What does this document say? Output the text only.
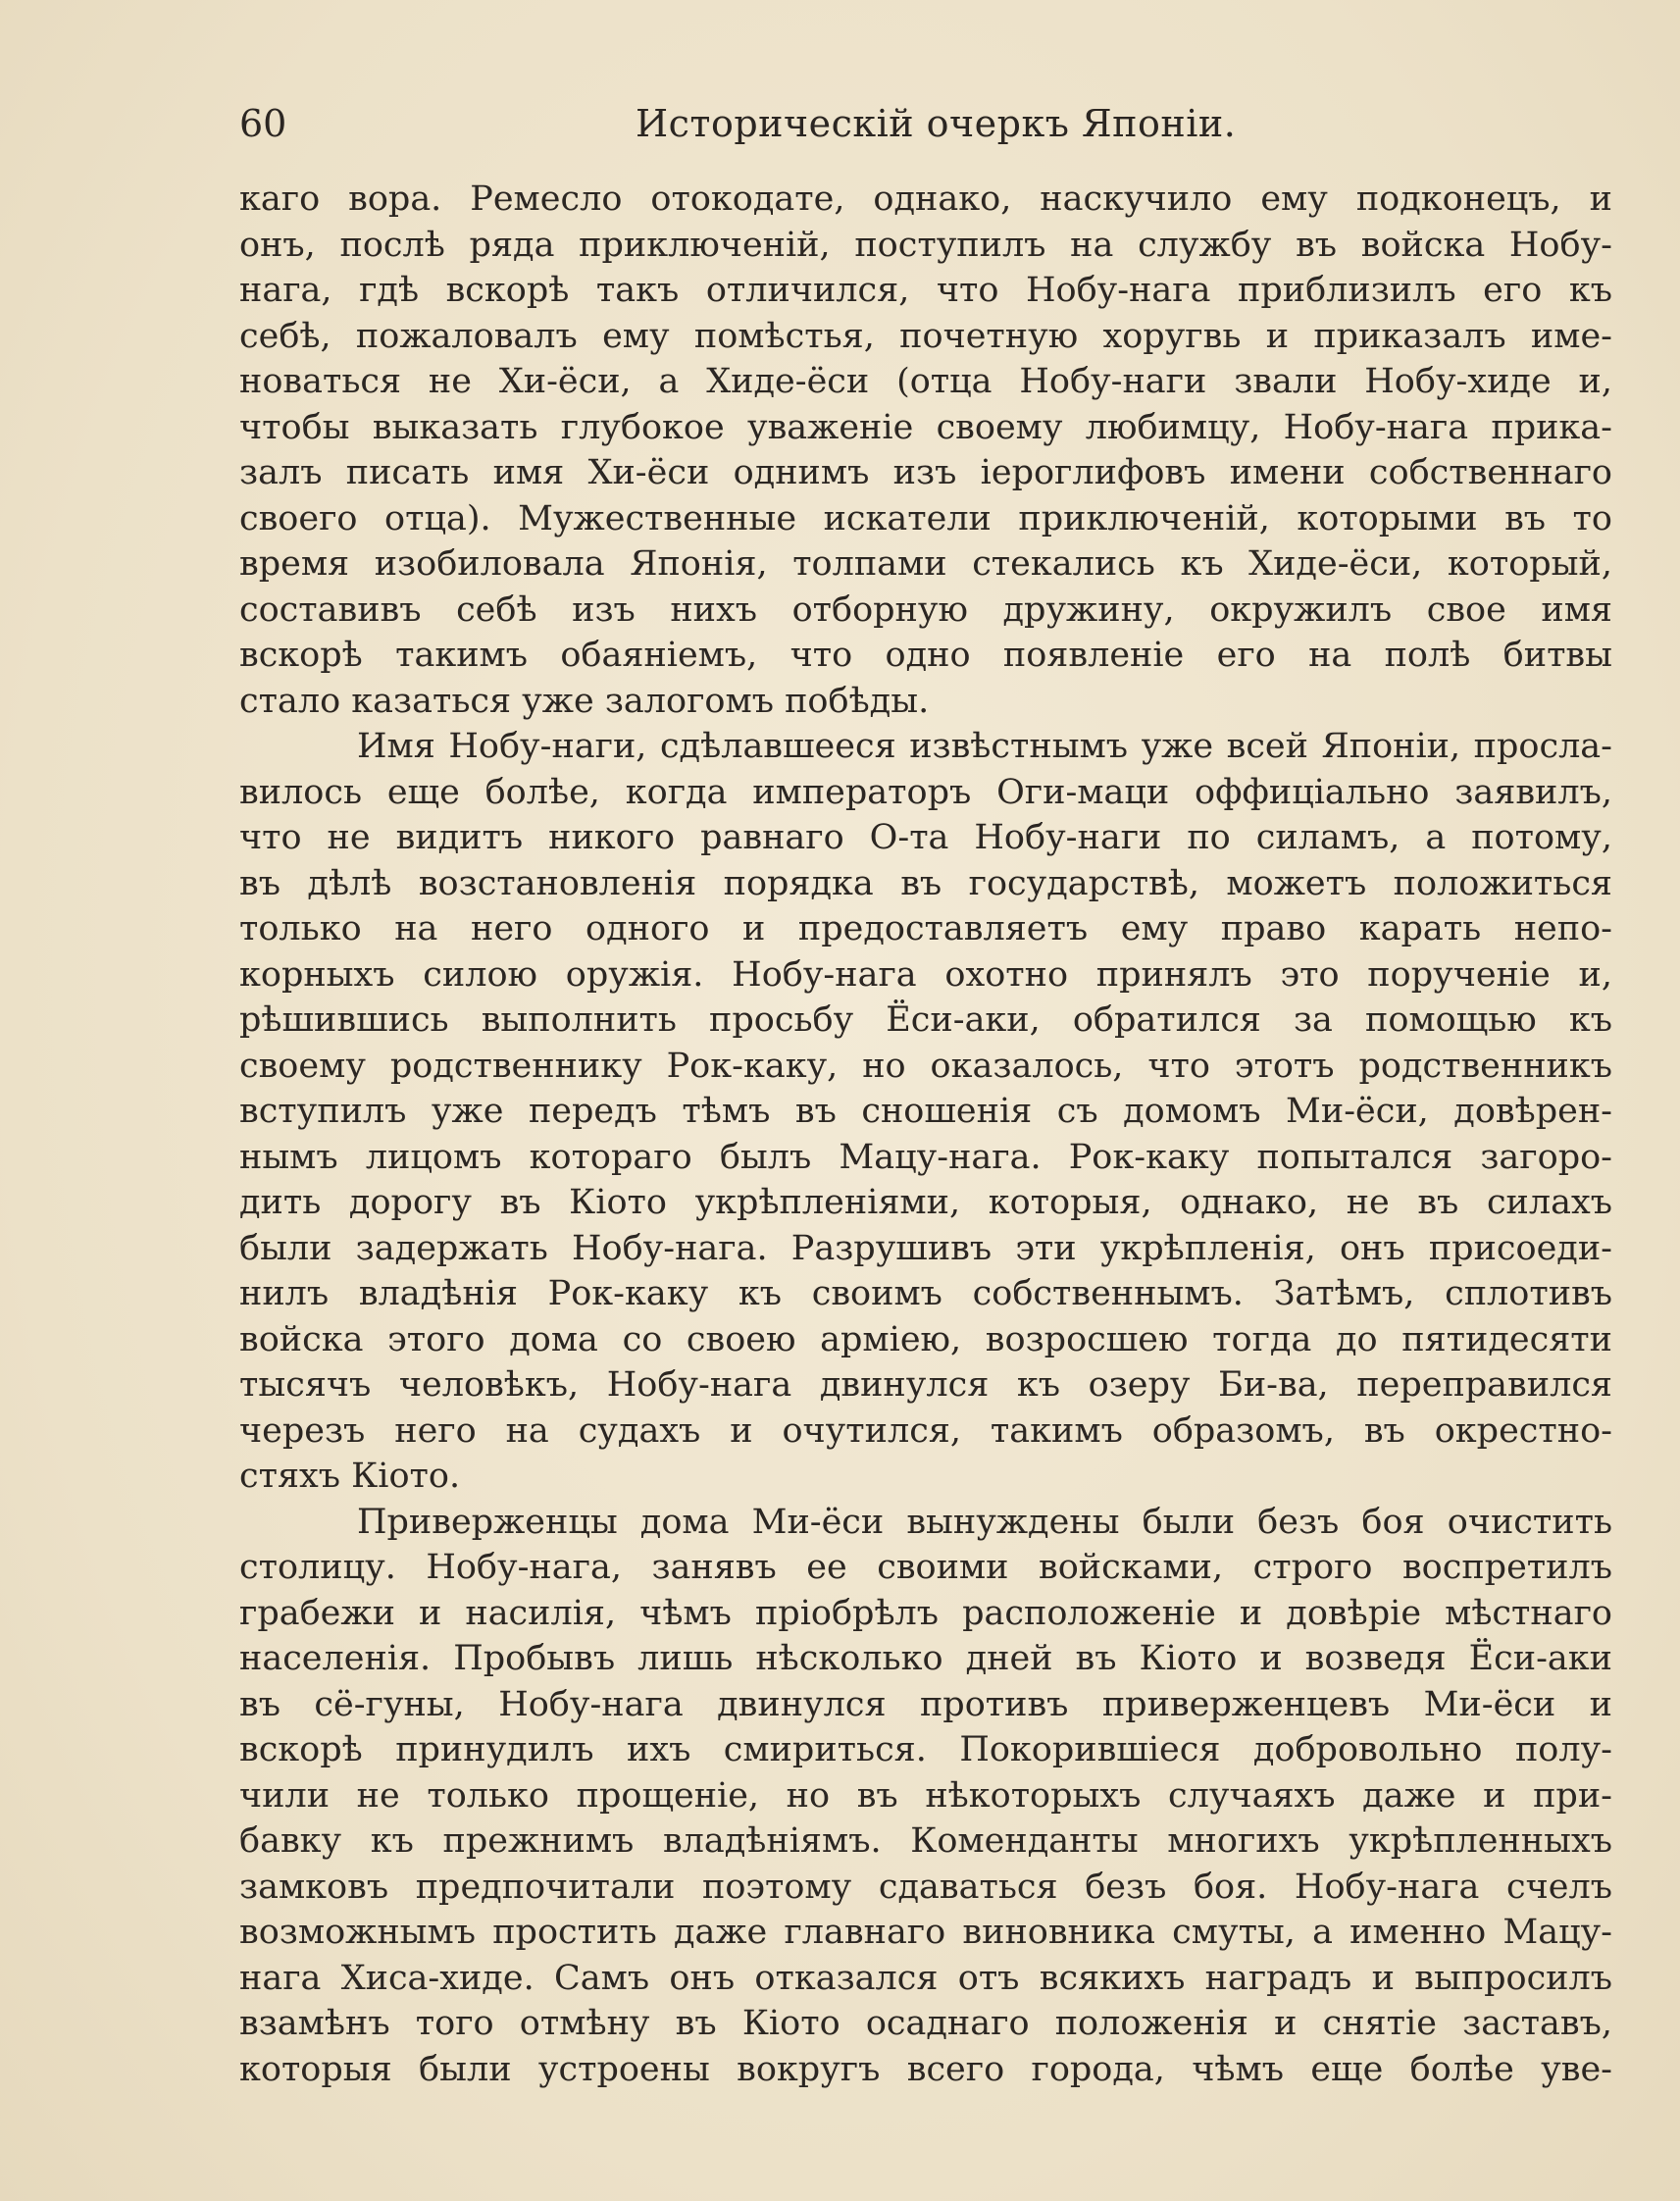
60	Историческій очеркъ Японіи.
каго вора. Ремесло отокодате, однако, наскучило ему подконецъ, и
онъ, послѣ ряда приключеній, поступилъ на службу въ войска Нобу-
нага, гдѣ вскорѣ такъ отличился, что Нобу-нага приблизилъ его къ
себѣ, пожаловалъ ему помѣстья, почетную хоругвь и приказалъ име-
новаться не Хи-ёси, а Хиде-ёси (отца Нобу-наги звали Нобу-хиде и,
чтобы выказать глубокое уваженіе своему любимцу, Нобу-нага прика-
залъ писать имя Хи-ёси однимъ изъ іероглифовъ имени собственнаго
своего отца). Мужественные искатели приключеній, которыми въ то
время изобиловала Японія, толпами стекались къ Хиде-ёси, который,
составивъ себѣ изъ нихъ отборную дружину, окружилъ свое имя
вскорѣ такимъ обаяніемъ, что одно появленіе его на полѣ битвы
стало казаться уже залогомъ побѣды.
Имя Нобу-наги, сдѣлавшееся извѣстнымъ уже всей Японіи, просла-
вилось еще болѣе, когда императоръ Оги-маци оффиціально заявилъ,
что не видитъ никого равнаго О-та Нобу-наги по силамъ, а потому,
въ дѣлѣ возстановленія порядка въ государствѣ, можетъ положиться
только на него одного и предоставляетъ ему право карать непо-
корныхъ силою оружія. Нобу-нага охотно принялъ это порученіе и,
рѣшившись выполнить просьбу Ёси-аки, обратился за помощью къ
своему родственнику Рок-каку, но оказалось, что этотъ родственникъ
вступилъ уже передъ тѣмъ въ сношенія съ домомъ Ми-ёси, довѣрен-
нымъ лицомъ котораго былъ Мацу-нага. Рок-каку попытался загоро-
дить дорогу въ Кіото укрѣпленіями, которыя, однако, не въ силахъ
были задержать Нобу-нага. Разрушивъ эти укрѣпленія, онъ присоеди-
нилъ владѣнія Рок-каку къ своимъ собственнымъ. Затѣмъ, сплотивъ
войска этого дома со своею арміею, возросшею тогда до пятидесяти
тысячъ человѣкъ, Нобу-нага двинулся къ озеру Би-ва, переправился
черезъ него на судахъ и очутился, такимъ образомъ, въ окрестно-
стяхъ Кіото.
Приверженцы дома Ми-ёси вынуждены были безъ боя очистить
столицу. Нобу-нага, занявъ ее своими войсками, строго воспретилъ
грабежи и насилія, чѣмъ пріобрѣлъ расположеніе и довѣріе мѣстнаго
населенія. Пробывъ лишь нѣсколько дней въ Кіото и возведя Ёси-аки
въ сё-гуны, Нобу-нага двинулся противъ приверженцевъ Ми-ёси и
вскорѣ принудилъ ихъ смириться. Покорившіеся добровольно полу-
чили не только прощеніе, но въ нѣкоторыхъ случаяхъ даже и при-
бавку къ прежнимъ владѣніямъ. Коменданты многихъ укрѣпленныхъ
замковъ предпочитали поэтому сдаваться безъ боя. Нобу-нага счелъ
возможнымъ простить даже главнаго виновника смуты, а именно Мацу-
нага Хиса-хиде. Самъ онъ отказался отъ всякихъ наградъ и выпросилъ
взамѣнъ того отмѣну въ Кіото осаднаго положенія и снятіе заставъ,
которыя были устроены вокругъ всего города, чѣмъ еще болѣе уве-
